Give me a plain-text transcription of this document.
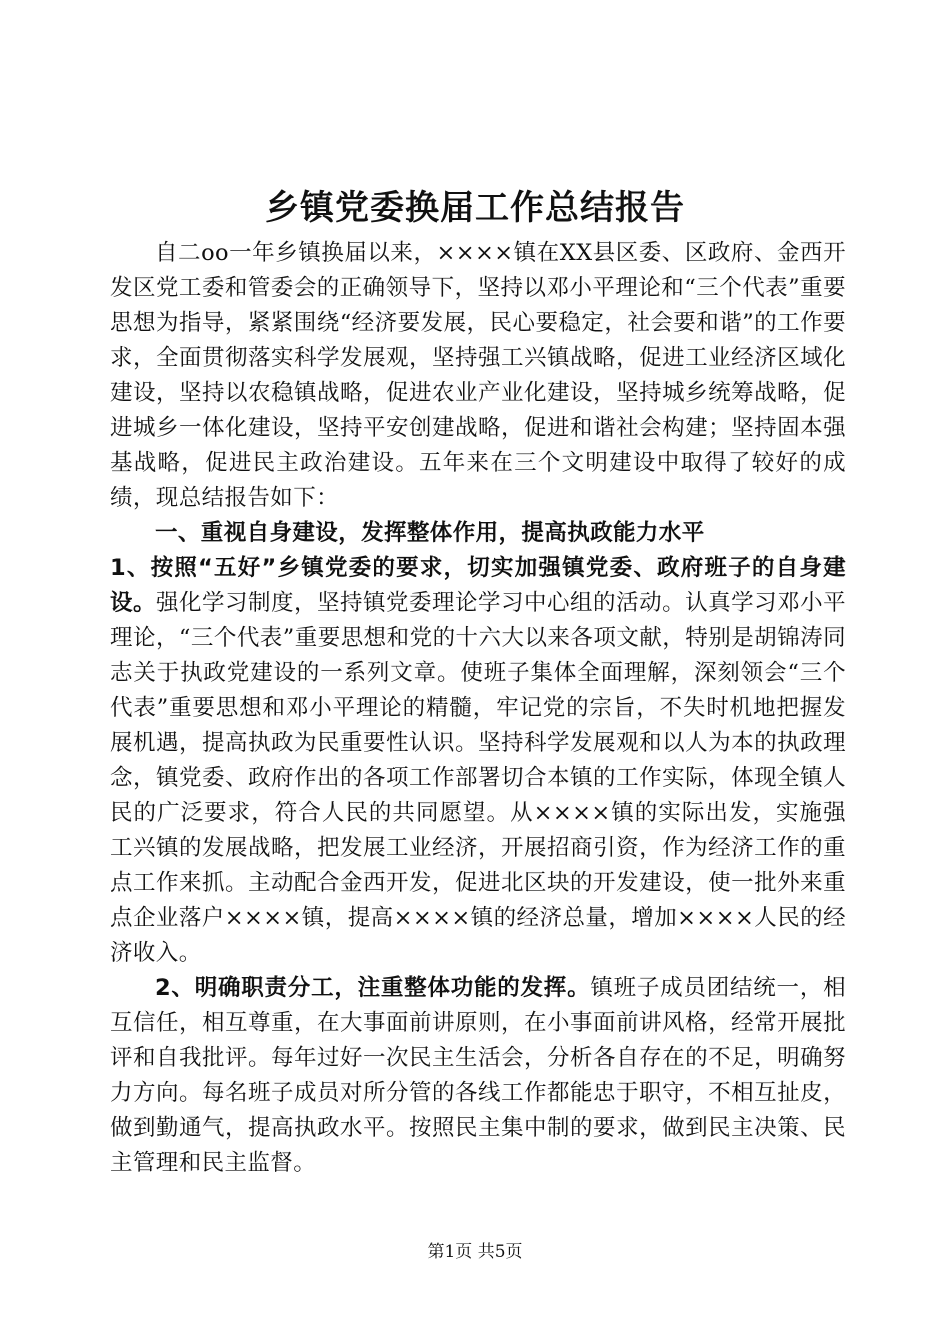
乡镇党委换届工作总结报告

自二oo一年乡镇换届以来，××××镇在XX县区委、区政府、金西开发区党工委和管委会的正确领导下，坚持以邓小平理论和“三个代表”重要思想为指导，紧紧围绕“经济要发展，民心要稳定，社会要和谐”的工作要求，全面贯彻落实科学发展观，坚持强工兴镇战略，促进工业经济区域化建设，坚持以农稳镇战略，促进农业产业化建设，坚持城乡统筹战略，促进城乡一体化建设，坚持平安创建战略，促进和谐社会构建；坚持固本强基战略，促进民主政治建设。五年来在三个文明建设中取得了较好的成绩，现总结报告如下：

一、重视自身建设，发挥整体作用，提高执政能力水平

1、按照“五好”乡镇党委的要求，切实加强镇党委、政府班子的自身建设。强化学习制度，坚持镇党委理论学习中心组的活动。认真学习邓小平理论，“三个代表”重要思想和党的十六大以来各项文献，特别是胡锦涛同志关于执政党建设的一系列文章。使班子集体全面理解，深刻领会“三个代表”重要思想和邓小平理论的精髓，牢记党的宗旨，不失时机地把握发展机遇，提高执政为民重要性认识。坚持科学发展观和以人为本的执政理念，镇党委、政府作出的各项工作部署切合本镇的工作实际，体现全镇人民的广泛要求，符合人民的共同愿望。从××××镇的实际出发，实施强工兴镇的发展战略，把发展工业经济，开展招商引资，作为经济工作的重点工作来抓。主动配合金西开发，促进北区块的开发建设，使一批外来重点企业落户××××镇，提高××××镇的经济总量，增加××××人民的经济收入。

2、明确职责分工，注重整体功能的发挥。镇班子成员团结统一，相互信任，相互尊重，在大事面前讲原则，在小事面前讲风格，经常开展批评和自我批评。每年过好一次民主生活会，分析各自存在的不足，明确努力方向。每名班子成员对所分管的各线工作都能忠于职守，不相互扯皮，做到勤通气，提高执政水平。按照民主集中制的要求，做到民主决策、民主管理和民主监督。

第1页 共5页
